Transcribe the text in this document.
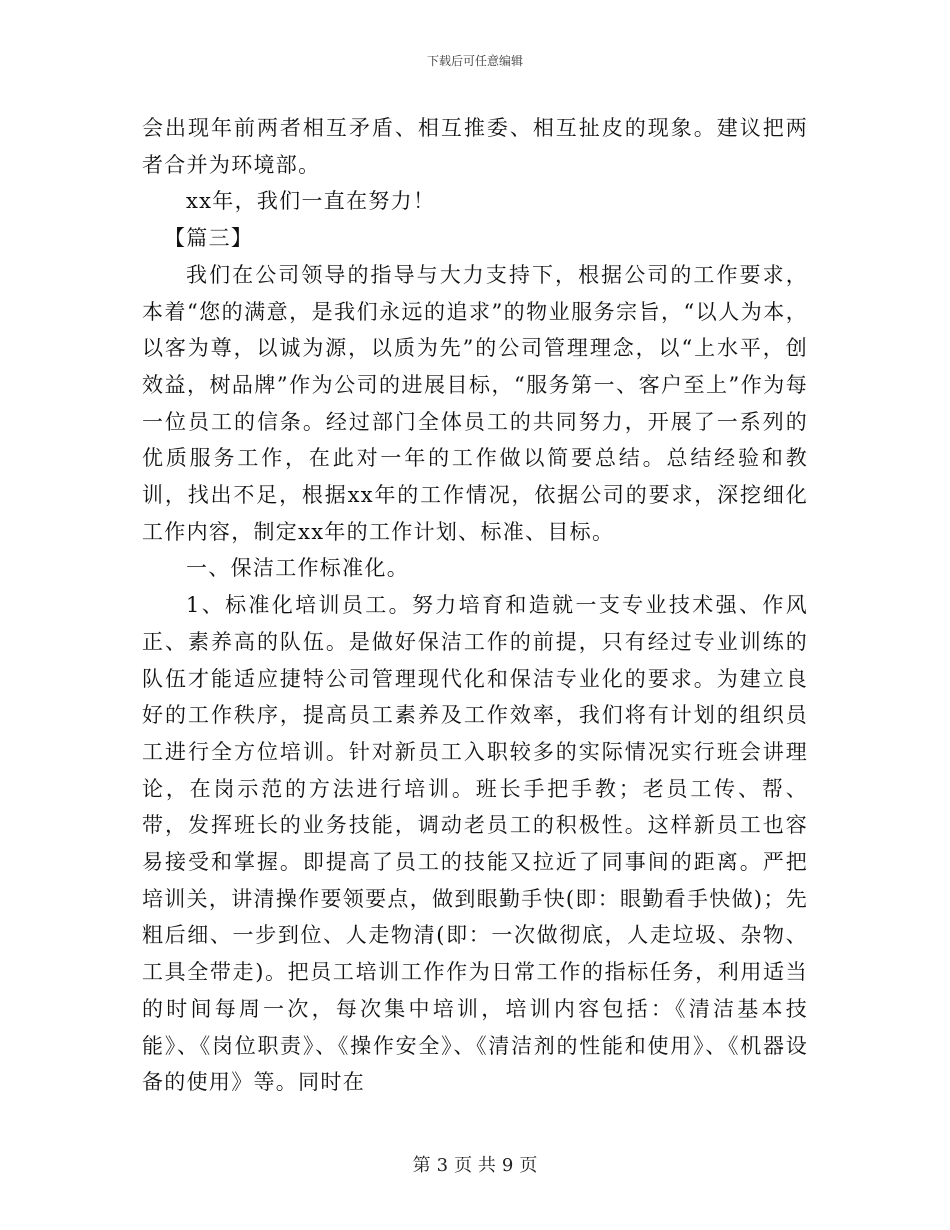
下载后可任意编辑

会出现年前两者相互矛盾、相互推委、相互扯皮的现象。建议把两者合并为环境部。

xx年，我们一直在努力！

【篇三】

我们在公司领导的指导与大力支持下，根据公司的工作要求，本着“您的满意，是我们永远的追求”的物业服务宗旨，“以人为本，以客为尊，以诚为源，以质为先”的公司管理理念，以“上水平，创效益，树品牌”作为公司的进展目标，“服务第一、客户至上”作为每一位员工的信条。经过部门全体员工的共同努力，开展了一系列的优质服务工作，在此对一年的工作做以简要总结。总结经验和教训，找出不足，根据xx年的工作情况，依据公司的要求，深挖细化工作内容，制定xx年的工作计划、标准、目标。

一、保洁工作标准化。

1、标准化培训员工。努力培育和造就一支专业技术强、作风正、素养高的队伍。是做好保洁工作的前提，只有经过专业训练的队伍才能适应捷特公司管理现代化和保洁专业化的要求。为建立良好的工作秩序，提高员工素养及工作效率，我们将有计划的组织员工进行全方位培训。针对新员工入职较多的实际情况实行班会讲理论，在岗示范的方法进行培训。班长手把手教；老员工传、帮、带，发挥班长的业务技能，调动老员工的积极性。这样新员工也容易接受和掌握。即提高了员工的技能又拉近了同事间的距离。严把培训关，讲清操作要领要点，做到眼勤手快(即：眼勤看手快做)；先粗后细、一步到位、人走物清(即：一次做彻底，人走垃圾、杂物、工具全带走)。把员工培训工作作为日常工作的指标任务，利用适当的时间每周一次，每次集中培训，培训内容包括：《清洁基本技能》、《岗位职责》、《操作安全》、《清洁剂的性能和使用》、《机器设备的使用》等。同时在

第 3 页 共 9 页
